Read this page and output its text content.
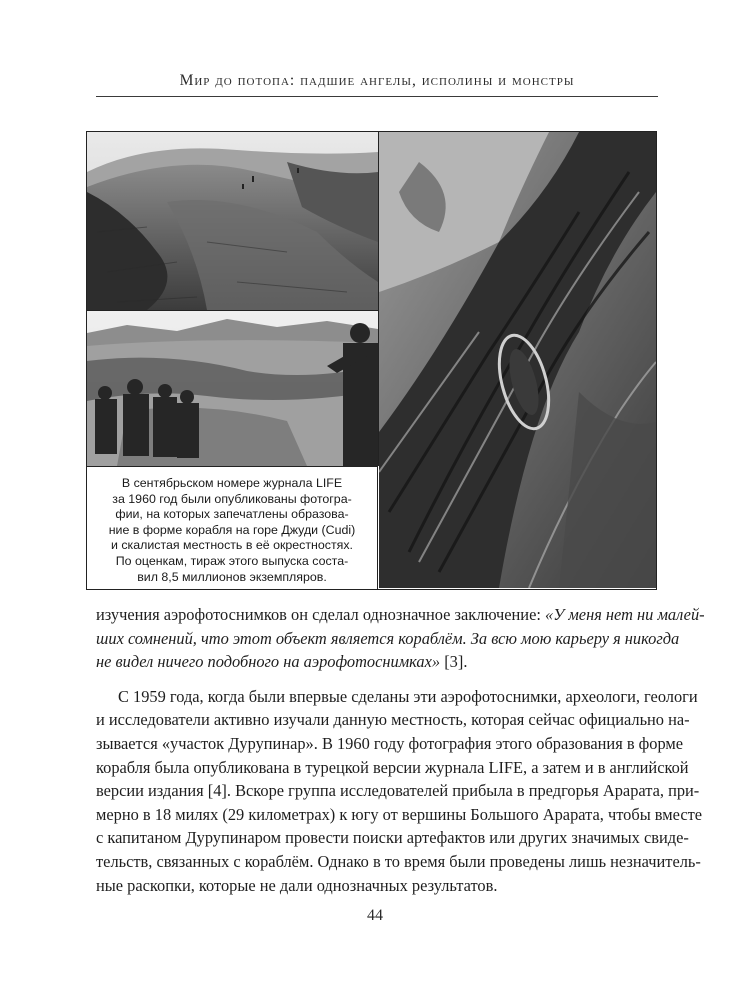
Мир до потопа: падшие ангелы, исполины и монстры
В сентябрьском номере журнала LIFE
за 1960 год были опубликованы фотогра-
фии, на которых запечатлены образова-
ние в форме корабля на горе Джуди (Cudi)
и скалистая местность в её окрестностях.
По оценкам, тираж этого выпуска соста-
вил 8,5 миллионов экземпляров.
изучения аэрофотоснимков он сделал однозначное заключение: «У меня нет ни малей-
ших сомнений, что этот объект является кораблём. За всю мою карьеру я никогда
не видел ничего подобного на аэрофотоснимках» [3].
С 1959 года, когда были впервые сделаны эти аэрофотоснимки, археологи, геологи
и исследователи активно изучали данную местность, которая сейчас официально на-
зывается «участок Дурупинар». В 1960 году фотография этого образования в форме
корабля была опубликована в турецкой версии журнала LIFE, а затем и в английской
версии издания [4]. Вскоре группа исследователей прибыла в предгорья Арарата, при-
мерно в 18 милях (29 километрах) к югу от вершины Большого Арарата, чтобы вместе
с капитаном Дурупинаром провести поиски артефактов или других значимых свиде-
тельств, связанных с кораблём. Однако в то время были проведены лишь незначитель-
ные раскопки, которые не дали однозначных результатов.
44
